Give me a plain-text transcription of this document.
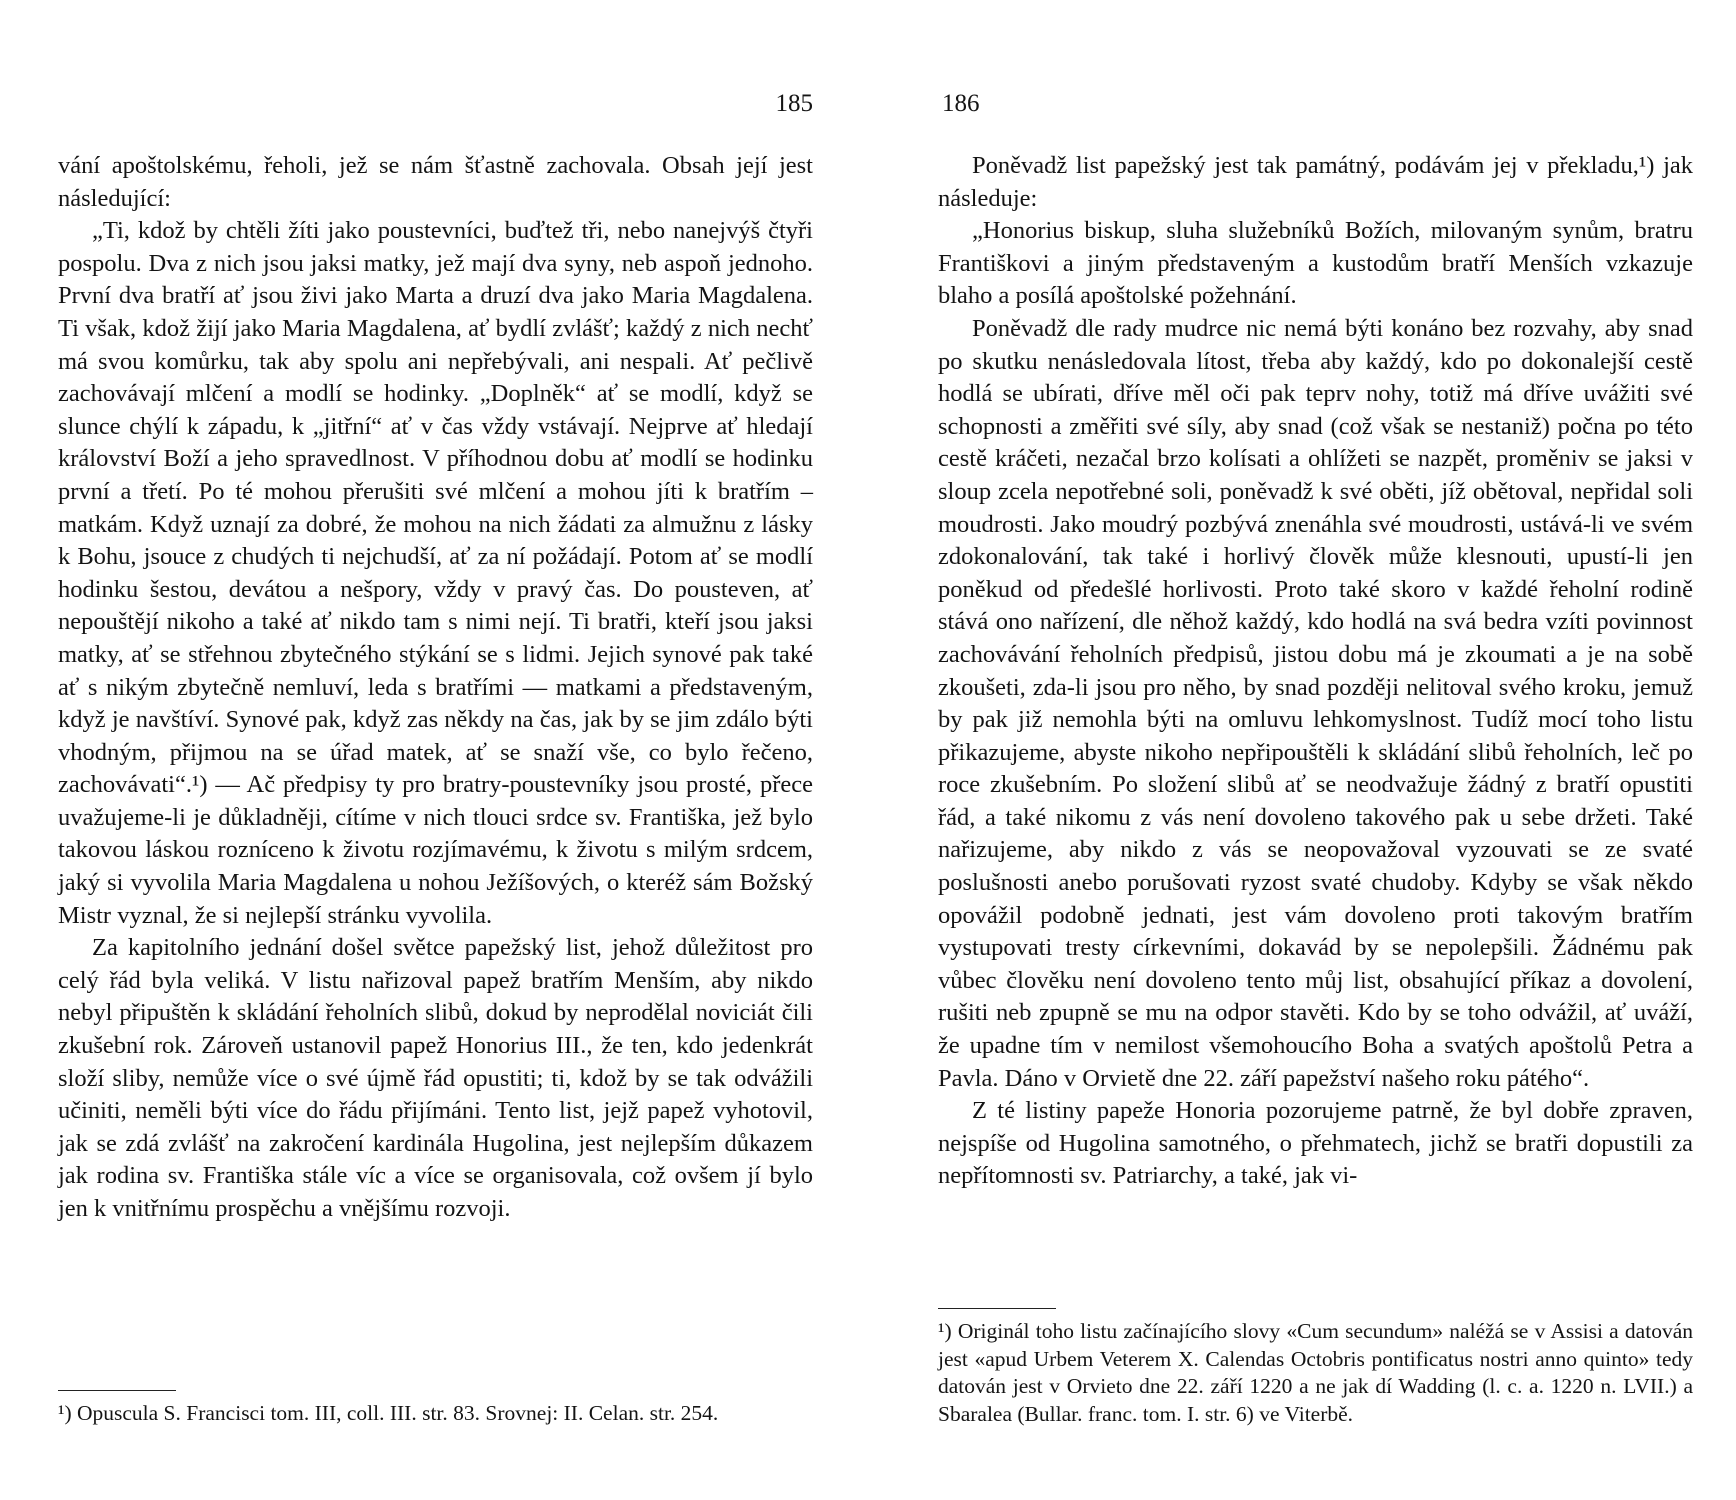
185

vání apoštolskému, řeholi, jež se nám šťastně zachovala. Obsah její jest následující:

„Ti, kdož by chtěli žíti jako poustevníci, buďtež tři, nebo nanejvýš čtyři pospolu. Dva z nich jsou jaksi matky, jež mají dva syny, neb aspoň jednoho. První dva bratří ať jsou živi jako Marta a druzí dva jako Maria Magdalena. Ti však, kdož žijí jako Maria Magdalena, ať bydlí zvlášť; každý z nich nechť má svou komůrku, tak aby spolu ani nepřebývali, ani nespali. Ať pečlivě zachovávají mlčení a modlí se hodinky. „Doplněk“ ať se modlí, když se slunce chýlí k západu, k „jitřní“ ať v čas vždy vstávají. Nejprve ať hledají království Boží a jeho spravedlnost. V příhodnou dobu ať modlí se hodinku první a třetí. Po té mohou přerušiti své mlčení a mohou jíti k bratřím – matkám. Když uznají za dobré, že mohou na nich žádati za almužnu z lásky k Bohu, jsouce z chudých ti nejchudší, ať za ní požádají. Potom ať se modlí hodinku šestou, devátou a nešpory, vždy v pravý čas. Do pousteven, ať nepouštějí nikoho a také ať nikdo tam s nimi nejí. Ti bratři, kteří jsou jaksi matky, ať se střehnou zbytečného stýkání se s lidmi. Jejich synové pak také ať s nikým zbytečně nemluví, leda s bratřími — matkami a představeným, když je navštíví. Synové pak, když zas někdy na čas, jak by se jim zdálo býti vhodným, přijmou na se úřad matek, ať se snaží vše, co bylo řečeno, zachovávati“.¹) — Ač předpisy ty pro bratry-poustevníky jsou prosté, přece uvažujeme-li je důkladněji, cítíme v nich tlouci srdce sv. Františka, jež bylo takovou láskou rozníceno k životu rozjímavému, k životu s milým srdcem, jaký si vyvolila Maria Magdalena u nohou Ježíšových, o kteréž sám Božský Mistr vyznal, že si nejlepší stránku vyvolila.

Za kapitolního jednání došel světce papežský list, jehož důležitost pro celý řád byla veliká. V listu nařizoval papež bratřím Menším, aby nikdo nebyl připuštěn k skládání řeholních slibů, dokud by neprodělal noviciát čili zkušební rok. Zároveň ustanovil papež Honorius III., že ten, kdo jedenkrát složí sliby, nemůže více o své újmě řád opustiti; ti, kdož by se tak odvážili učiniti, neměli býti více do řádu přijímáni. Tento list, jejž papež vyhotovil, jak se zdá zvlášť na zakročení kardinála Hugolina, jest nejlepším důkazem jak rodina sv. Františka stále víc a více se organisovala, což ovšem jí bylo jen k vnitřnímu prospěchu a vnějšímu rozvoji.

¹) Opuscula S. Francisci tom. III, coll. III. str. 83. Srovnej: II. Celan. str. 254.
186

Poněvadž list papežský jest tak památný, podávám jej v překladu,¹) jak následuje:

„Honorius biskup, sluha služebníků Božích, milovaným synům, bratru Františkovi a jiným představeným a kustodům bratří Menších vzkazuje blaho a posílá apoštolské požehnání.

Poněvadž dle rady mudrce nic nemá býti konáno bez rozvahy, aby snad po skutku nenásledovala lítost, třeba aby každý, kdo po dokonalejší cestě hodlá se ubírati, dříve měl oči pak teprv nohy, totiž má dříve uvážiti své schopnosti a změřiti své síly, aby snad (což však se nestaniž) počna po této cestě kráčeti, nezačal brzo kolísati a ohlížeti se nazpět, proměniv se jaksi v sloup zcela nepotřebné soli, poněvadž k své oběti, jíž obětoval, nepřidal soli moudrosti. Jako moudrý pozbývá znenáhla své moudrosti, ustává-li ve svém zdokonalování, tak také i horlivý člověk může klesnouti, upustí-li jen poněkud od předešlé horlivosti. Proto také skoro v každé řeholní rodině stává ono nařízení, dle něhož každý, kdo hodlá na svá bedra vzíti povinnost zachovávání řeholních předpisů, jistou dobu má je zkoumati a je na sobě zkoušeti, zda-li jsou pro něho, by snad později nelitoval svého kroku, jemuž by pak již nemohla býti na omluvu lehkomyslnost. Tudíž mocí toho listu přikazujeme, abyste nikoho nepřipouštěli k skládání slibů řeholních, leč po roce zkušebním. Po složení slibů ať se neodvažuje žádný z bratří opustiti řád, a také nikomu z vás není dovoleno takového pak u sebe držeti. Také nařizujeme, aby nikdo z vás se neopovažoval vyzouvati se ze svaté poslušnosti anebo porušovati ryzost svaté chudoby. Kdyby se však někdo opovážil podobně jednati, jest vám dovoleno proti takovým bratřím vystupovati tresty církevními, dokavád by se nepolepšili. Žádnému pak vůbec člověku není dovoleno tento můj list, obsahující příkaz a dovolení, rušiti neb zpupně se mu na odpor stavěti. Kdo by se toho odvážil, ať uváží, že upadne tím v nemilost všemohoucího Boha a svatých apoštolů Petra a Pavla. Dáno v Orvietě dne 22. září papežství našeho roku pátého“.

Z té listiny papeže Honoria pozorujeme patrně, že byl dobře zpraven, nejspíše od Hugolina samotného, o přehmatech, jichž se bratři dopustili za nepřítomnosti sv. Patriarchy, a také, jak vi-

¹) Originál toho listu začínajícího slovy «Cum secundum» naléžá se v Assisi a datován jest «apud Urbem Veterem X. Calendas Octobris pontificatus nostri anno quinto» tedy datován jest v Orvieto dne 22. září 1220 a ne jak dí Wadding (l. c. a. 1220 n. LVII.) a Sbaralea (Bullar. franc. tom. I. str. 6) ve Viterbě.
